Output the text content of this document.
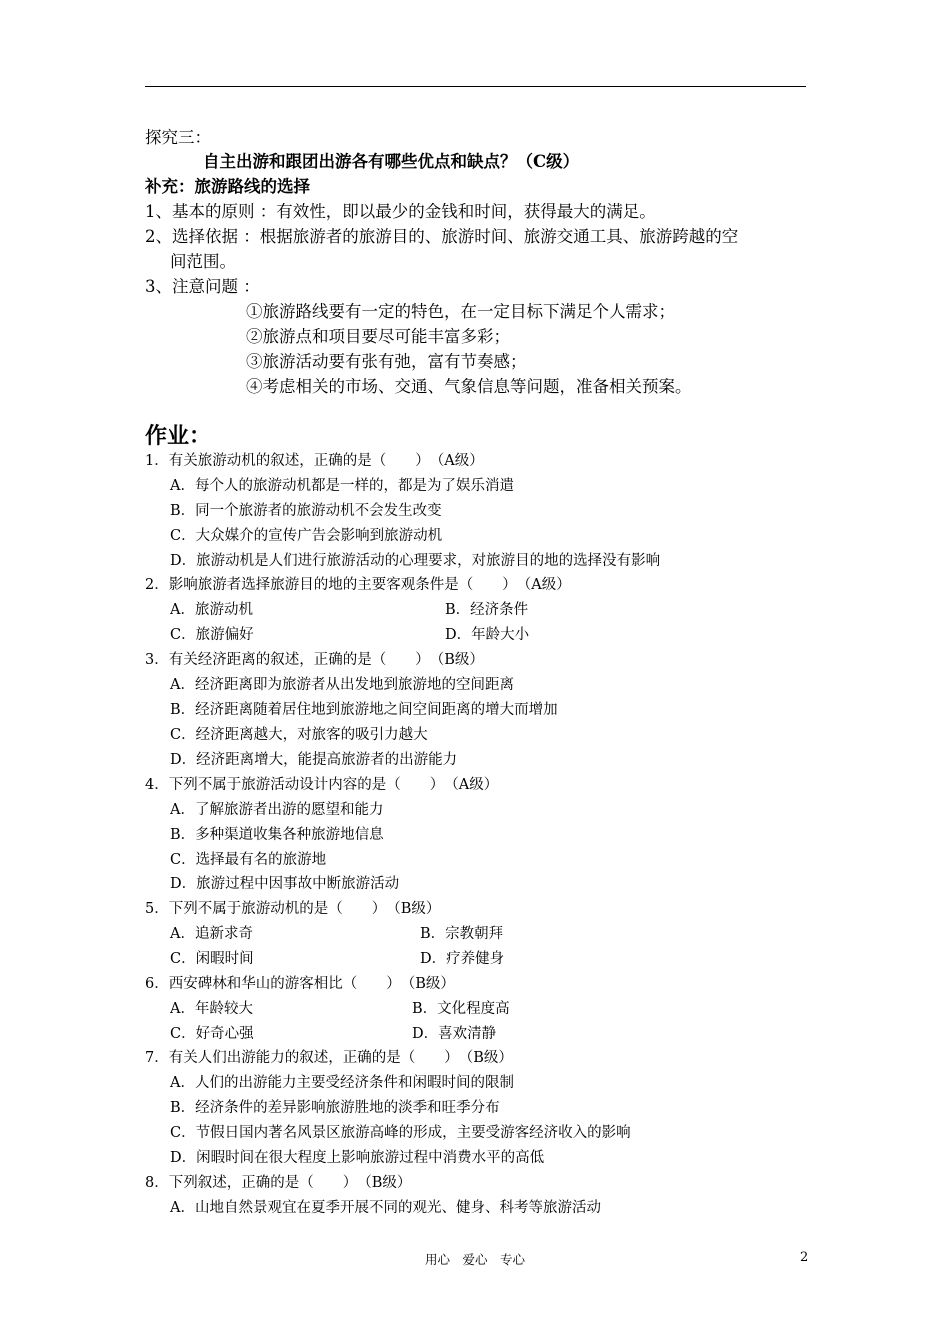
探究三：
自主出游和跟团出游各有哪些优点和缺点？（C级）
补充：旅游路线的选择
1、基本的原则 ：有效性，即以最少的金钱和时间，获得最大的满足。
2、选择依据 ：根据旅游者的旅游目的、旅游时间、旅游交通工具、旅游跨越的空
间范围。
3、注意问题 ：
①旅游路线要有一定的特色，在一定目标下满足个人需求；
②旅游点和项目要尽可能丰富多彩；
③旅游活动要有张有弛，富有节奏感；
④考虑相关的市场、交通、气象信息等问题，准备相关预案。
作业：
1．有关旅游动机的叙述，正确的是（　　）　（A级）
A．每个人的旅游动机都是一样的，都是为了娱乐消遣
B．同一个旅游者的旅游动机不会发生改变
C．大众媒介的宣传广告会影响到旅游动机
D．旅游动机是人们进行旅游活动的心理要求，对旅游目的地的选择没有影响
2．影响旅游者选择旅游目的地的主要客观条件是（　　）　（A级）
A．旅游动机	B．经济条件
C．旅游偏好	D．年龄大小
3．有关经济距离的叙述，正确的是（　　）　（B级）
A．经济距离即为旅游者从出发地到旅游地的空间距离
B．经济距离随着居住地到旅游地之间空间距离的增大而增加
C．经济距离越大，对旅客的吸引力越大
D．经济距离增大，能提高旅游者的出游能力
4．下列不属于旅游活动设计内容的是（　　）　（A级）
A．了解旅游者出游的愿望和能力
B．多种渠道收集各种旅游地信息
C．选择最有名的旅游地
D．旅游过程中因事故中断旅游活动
5．下列不属于旅游动机的是（　　）　（B级）
A．追新求奇	B．宗教朝拜
C．闲暇时间	D．疗养健身
6．西安碑林和华山的游客相比（　　）　（B级）
A．年龄较大	B．文化程度高
C．好奇心强	D．喜欢清静
7．有关人们出游能力的叙述，正确的是（　　）　（B级）
A．人们的出游能力主要受经济条件和闲暇时间的限制
B．经济条件的差异影响旅游胜地的淡季和旺季分布
C．节假日国内著名风景区旅游高峰的形成，主要受游客经济收入的影响
D．闲暇时间在很大程度上影响旅游过程中消费水平的高低
8．下列叙述，正确的是（　　）　（B级）
A．山地自然景观宜在夏季开展不同的观光、健身、科考等旅游活动
用心　爱心　专心	2
